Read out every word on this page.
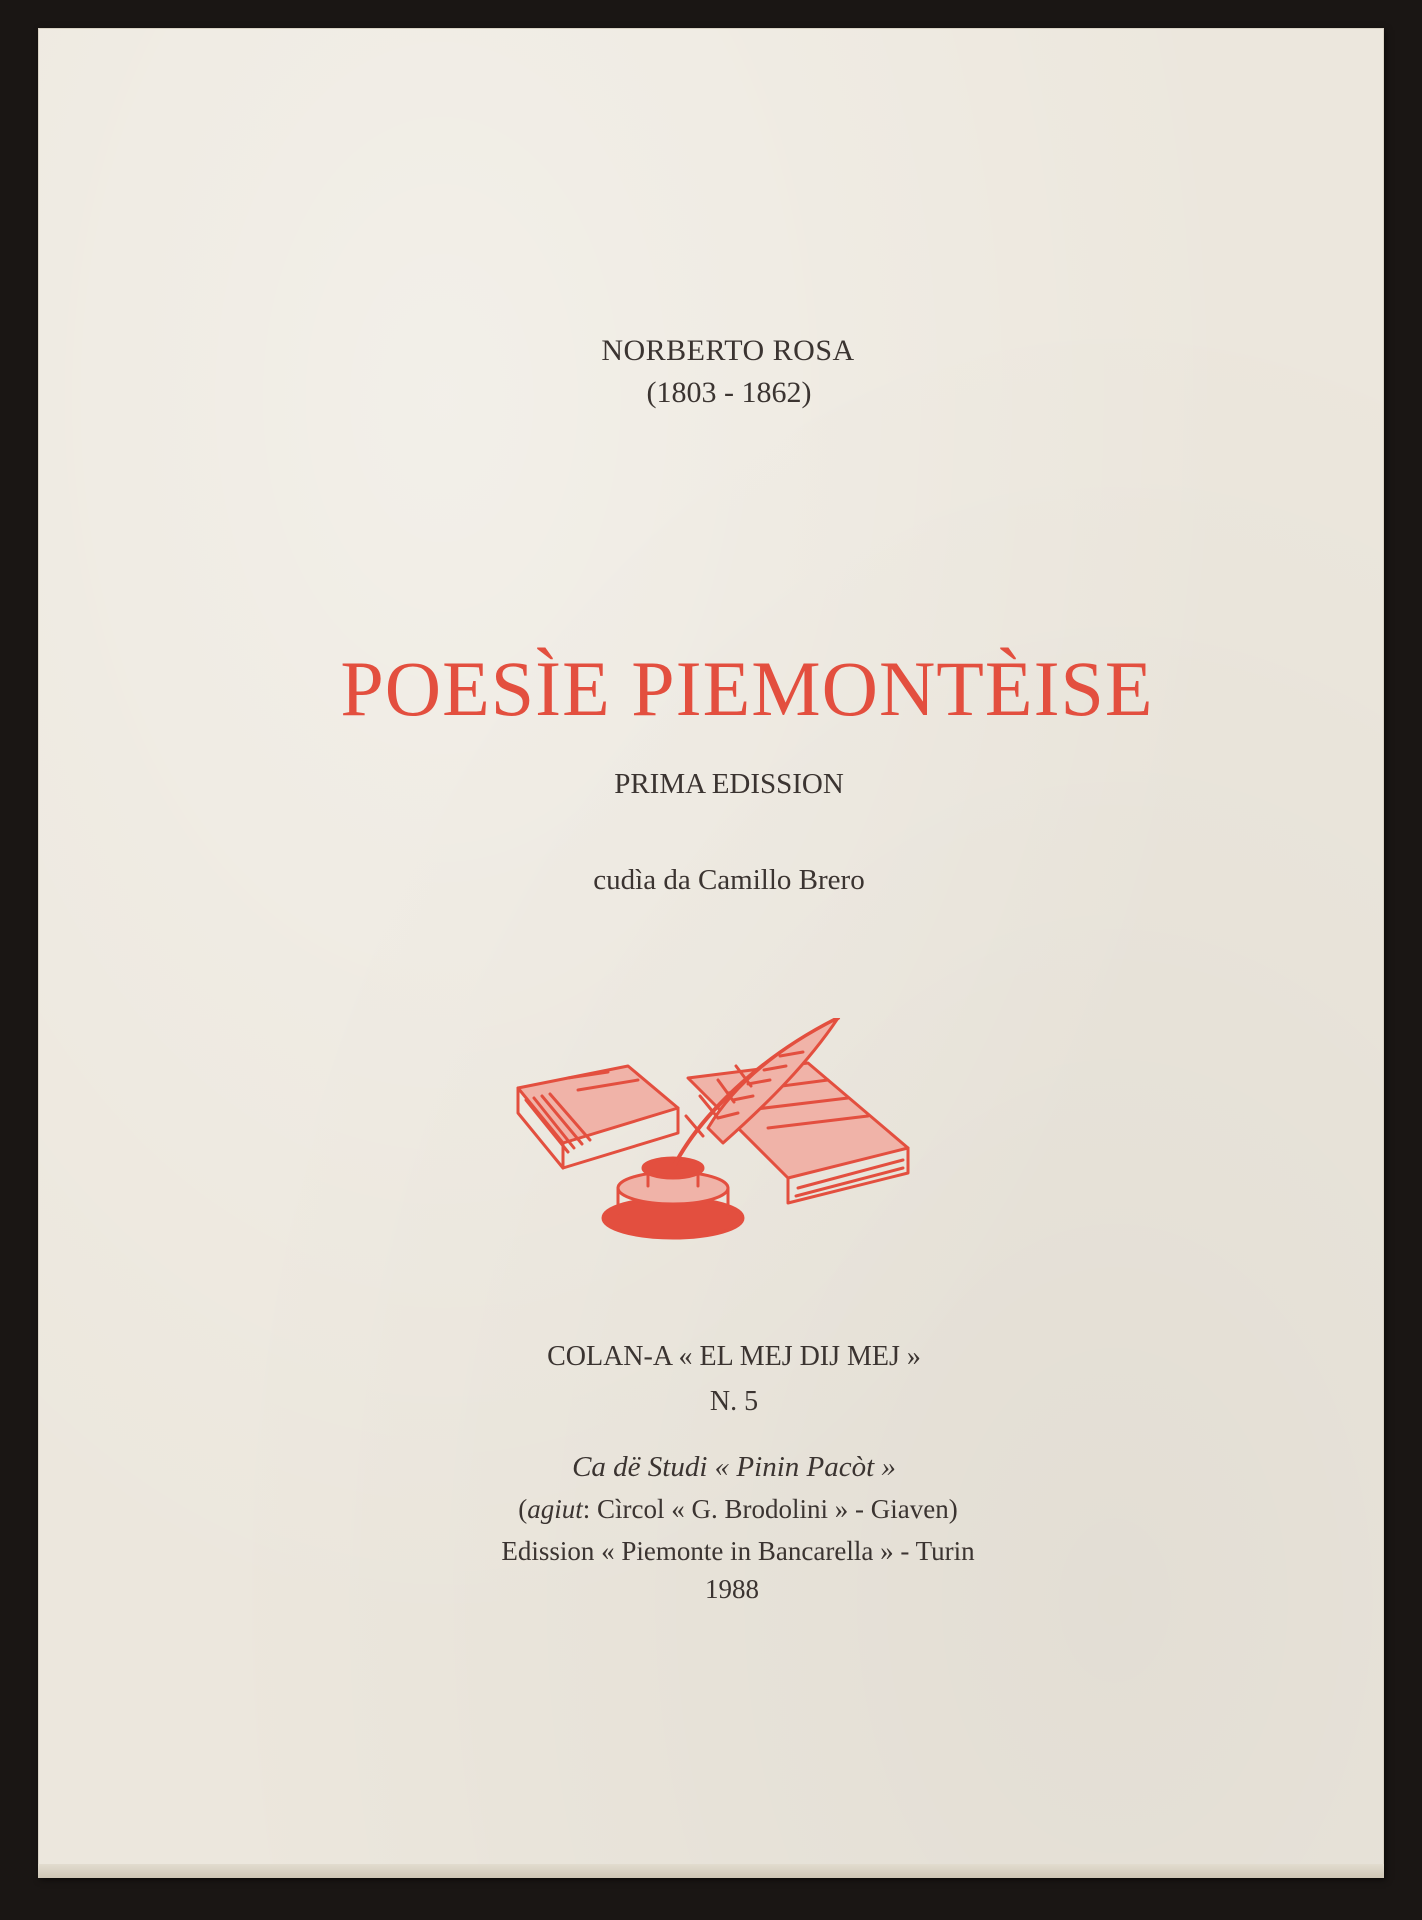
NORBERTO ROSA
(1803 - 1862)
POESÌE PIEMONTÈISE
PRIMA EDISSION
cudìa da Camillo Brero
COLAN-A « EL MEJ DIJ MEJ »
N. 5
Ca dë Studi « Pinin Pacòt »
(agiut: Cìrcol « G. Brodolini » - Giaven)
Edission « Piemonte in Bancarella » - Turin
1988
